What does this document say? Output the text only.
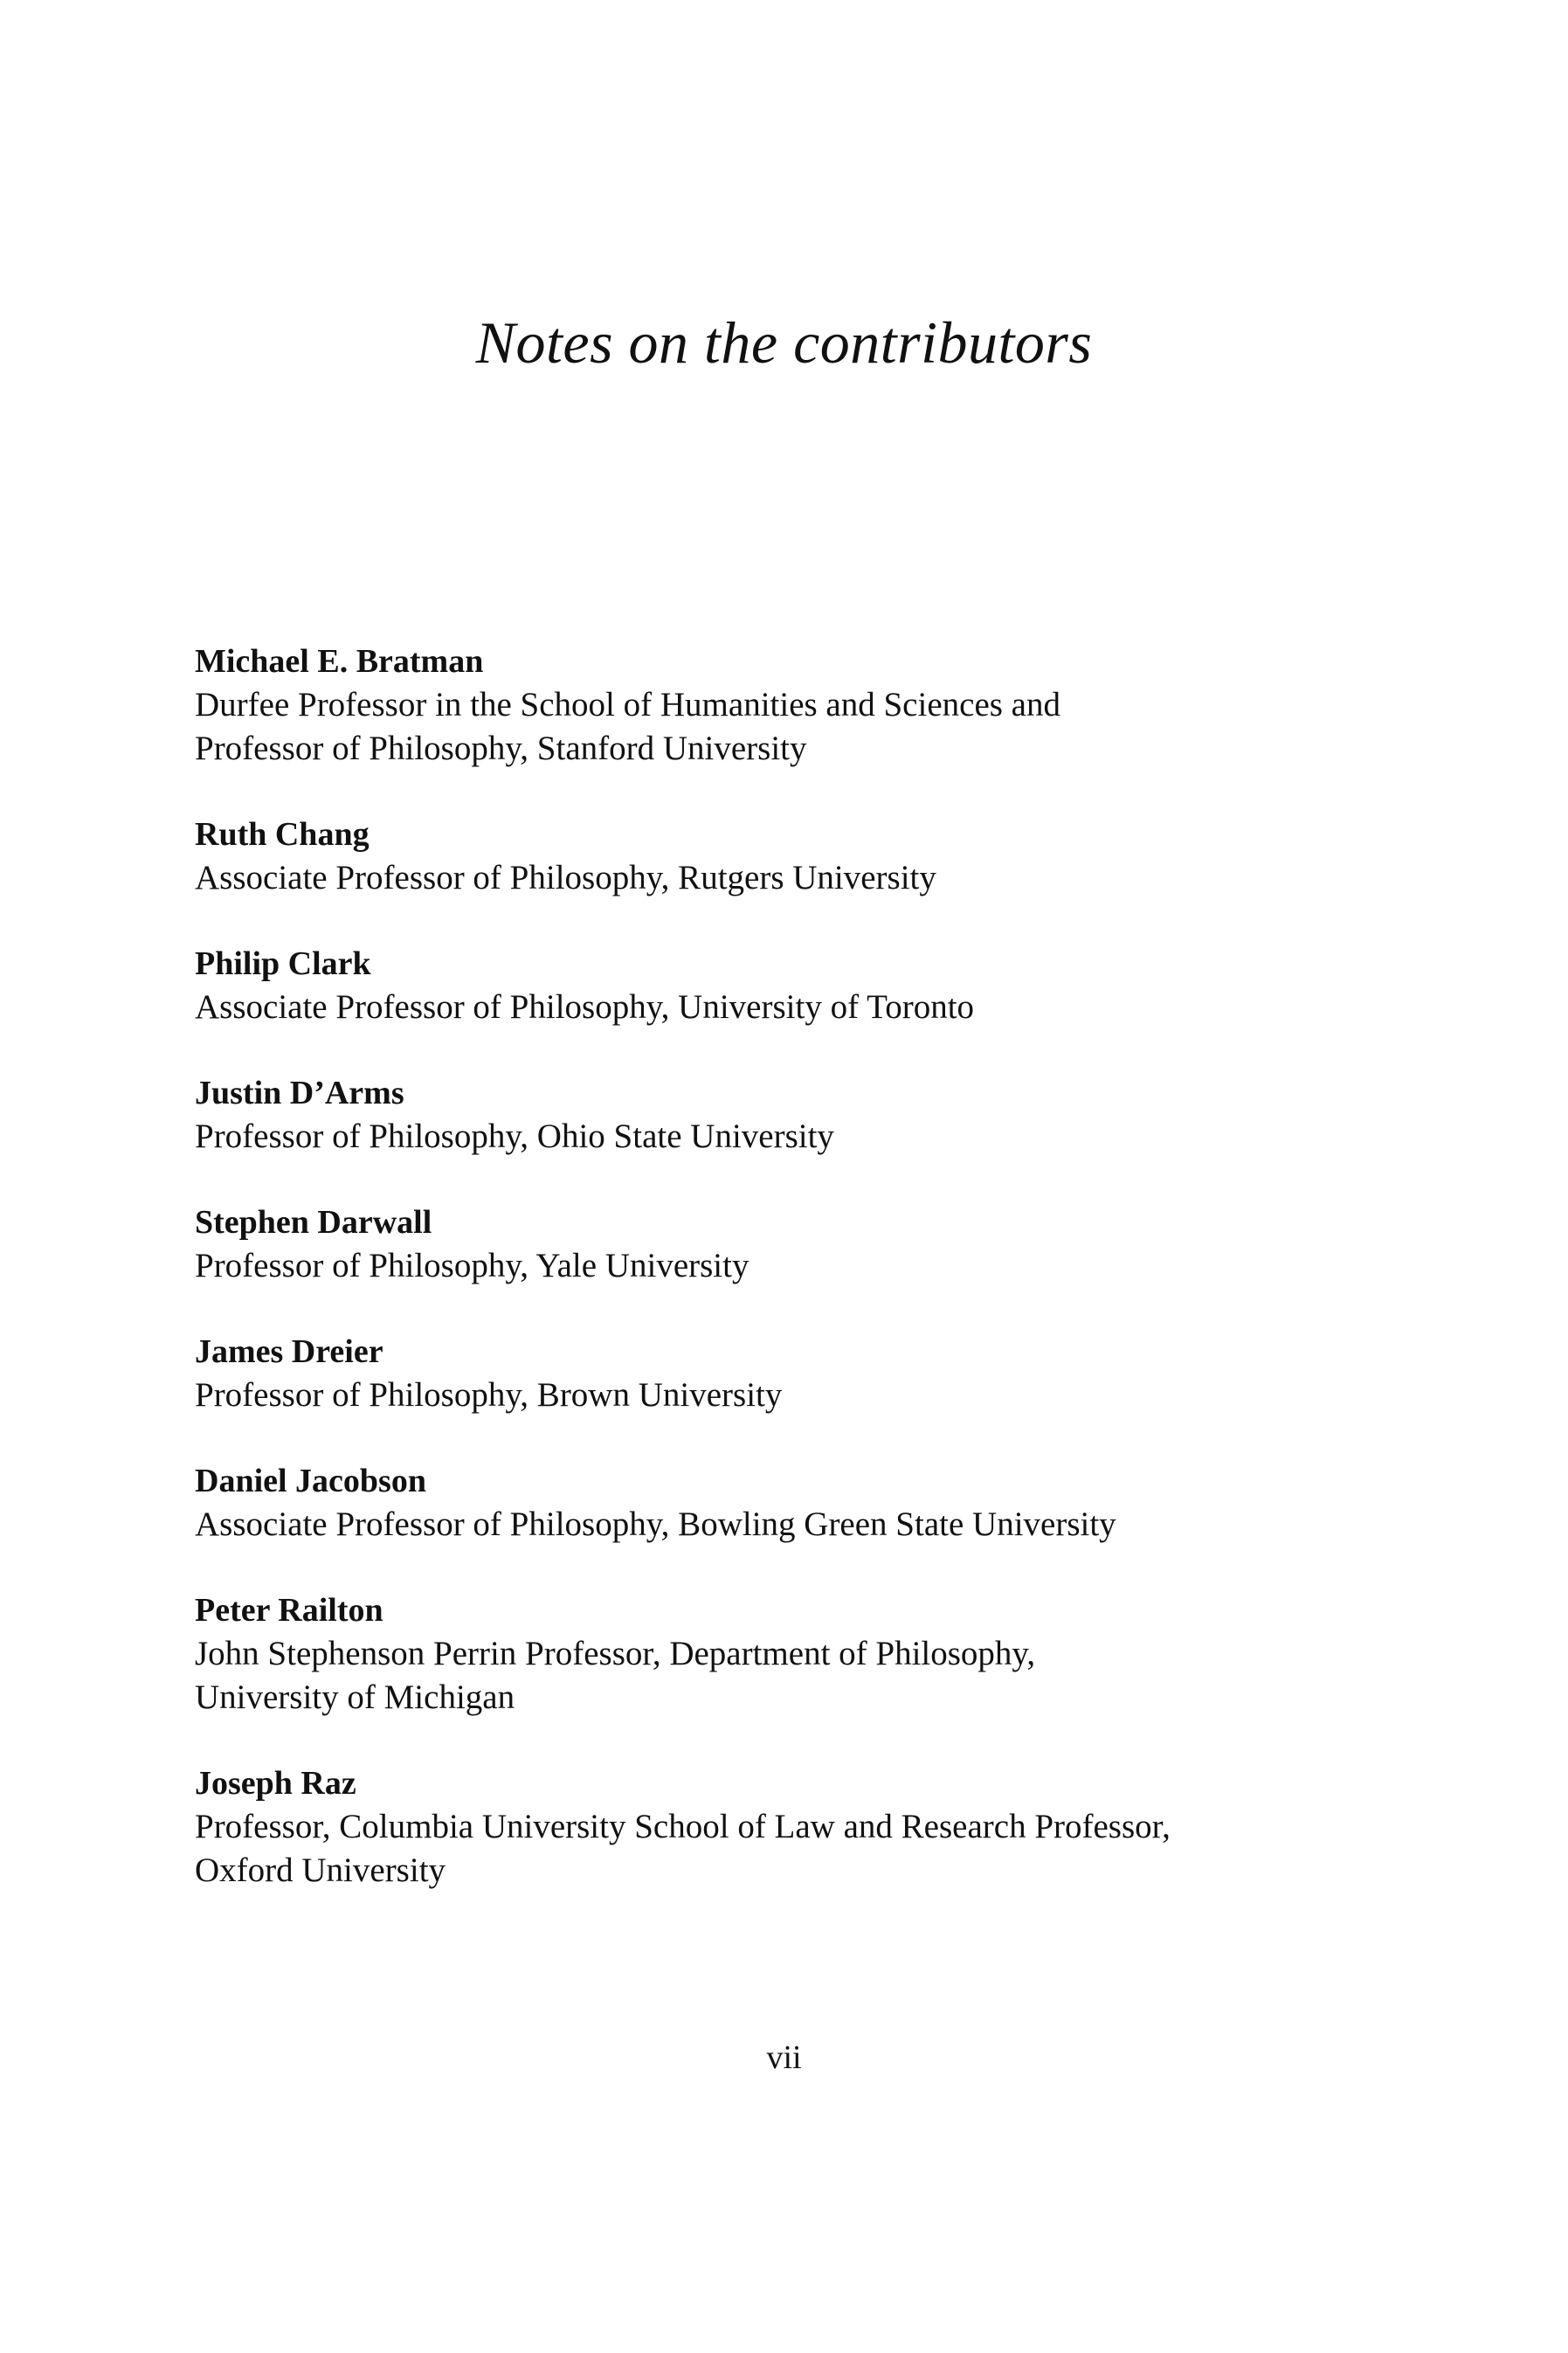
Notes on the contributors

Michael E. Bratman

Durfee Professor in the School of Humanities and Sciences and
Professor of Philosophy, Stanford University

Ruth Chang

Associate Professor of Philosophy, Rutgers University

Philip Clark

Associate Professor of Philosophy, University of Toronto

Justin D’Arms

Professor of Philosophy, Ohio State University

Stephen Darwall

Professor of Philosophy, Yale University

James Dreier

Professor of Philosophy, Brown University

Daniel Jacobson

Associate Professor of Philosophy, Bowling Green State University

Peter Railton

John Stephenson Perrin Professor, Department of Philosophy,
University of Michigan

Joseph Raz

Professor, Columbia University School of Law and Research Professor,
Oxford University

vii
